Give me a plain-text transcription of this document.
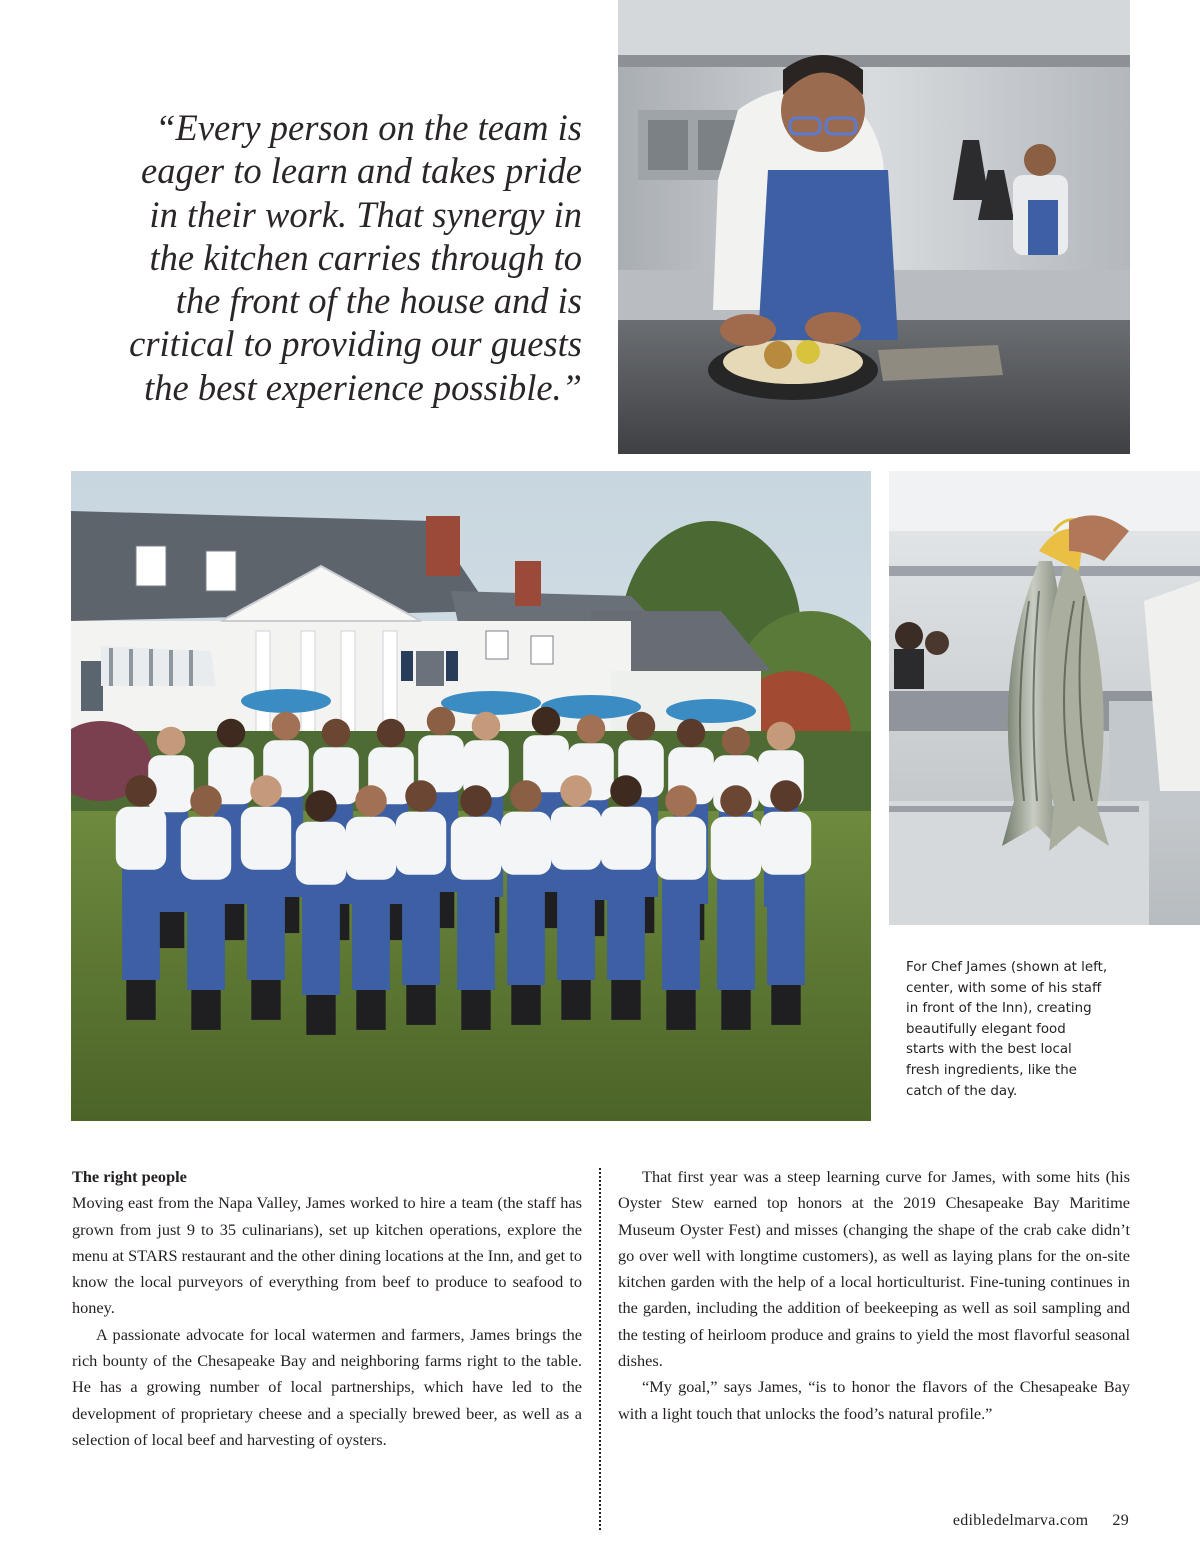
“Every person on the team is
eager to learn and takes pride
in their work. That synergy in
the kitchen carries through to
the front of the house and is
critical to providing our guests
the best experience possible.”
For Chef James (shown at left,
center, with some of his staff
in front of the Inn), creating
beautifully elegant food
starts with the best local
fresh ingredients, like the
catch of the day.
The right people

Moving east from the Napa Valley, James worked to hire a team (the staff has grown from just 9 to 35 culinarians), set up kitchen operations, explore the menu at STARS restaurant and the other dining locations at the Inn, and get to know the local purveyors of everything from beef to produce to seafood to honey.

A passionate advocate for local watermen and farmers, James brings the rich bounty of the Chesapeake Bay and neighboring farms right to the table. He has a growing number of local partnerships, which have led to the development of proprietary cheese and a specially brewed beer, as well as a selection of local beef and harvesting of oysters.

That first year was a steep learning curve for James, with some hits (his Oyster Stew earned top honors at the 2019 Chesapeake Bay Maritime Museum Oyster Fest) and misses (changing the shape of the crab cake didn’t go over well with longtime customers), as well as laying plans for the on-site kitchen garden with the help of a local horticulturist. Fine-tuning continues in the garden, including the addition of beekeeping as well as soil sampling and the testing of heirloom produce and grains to yield the most flavorful seasonal dishes.

“My goal,” says James, “is to honor the flavors of the Chesapeake Bay with a light touch that unlocks the food’s natural profile.”

edibledelmarva.com 29
